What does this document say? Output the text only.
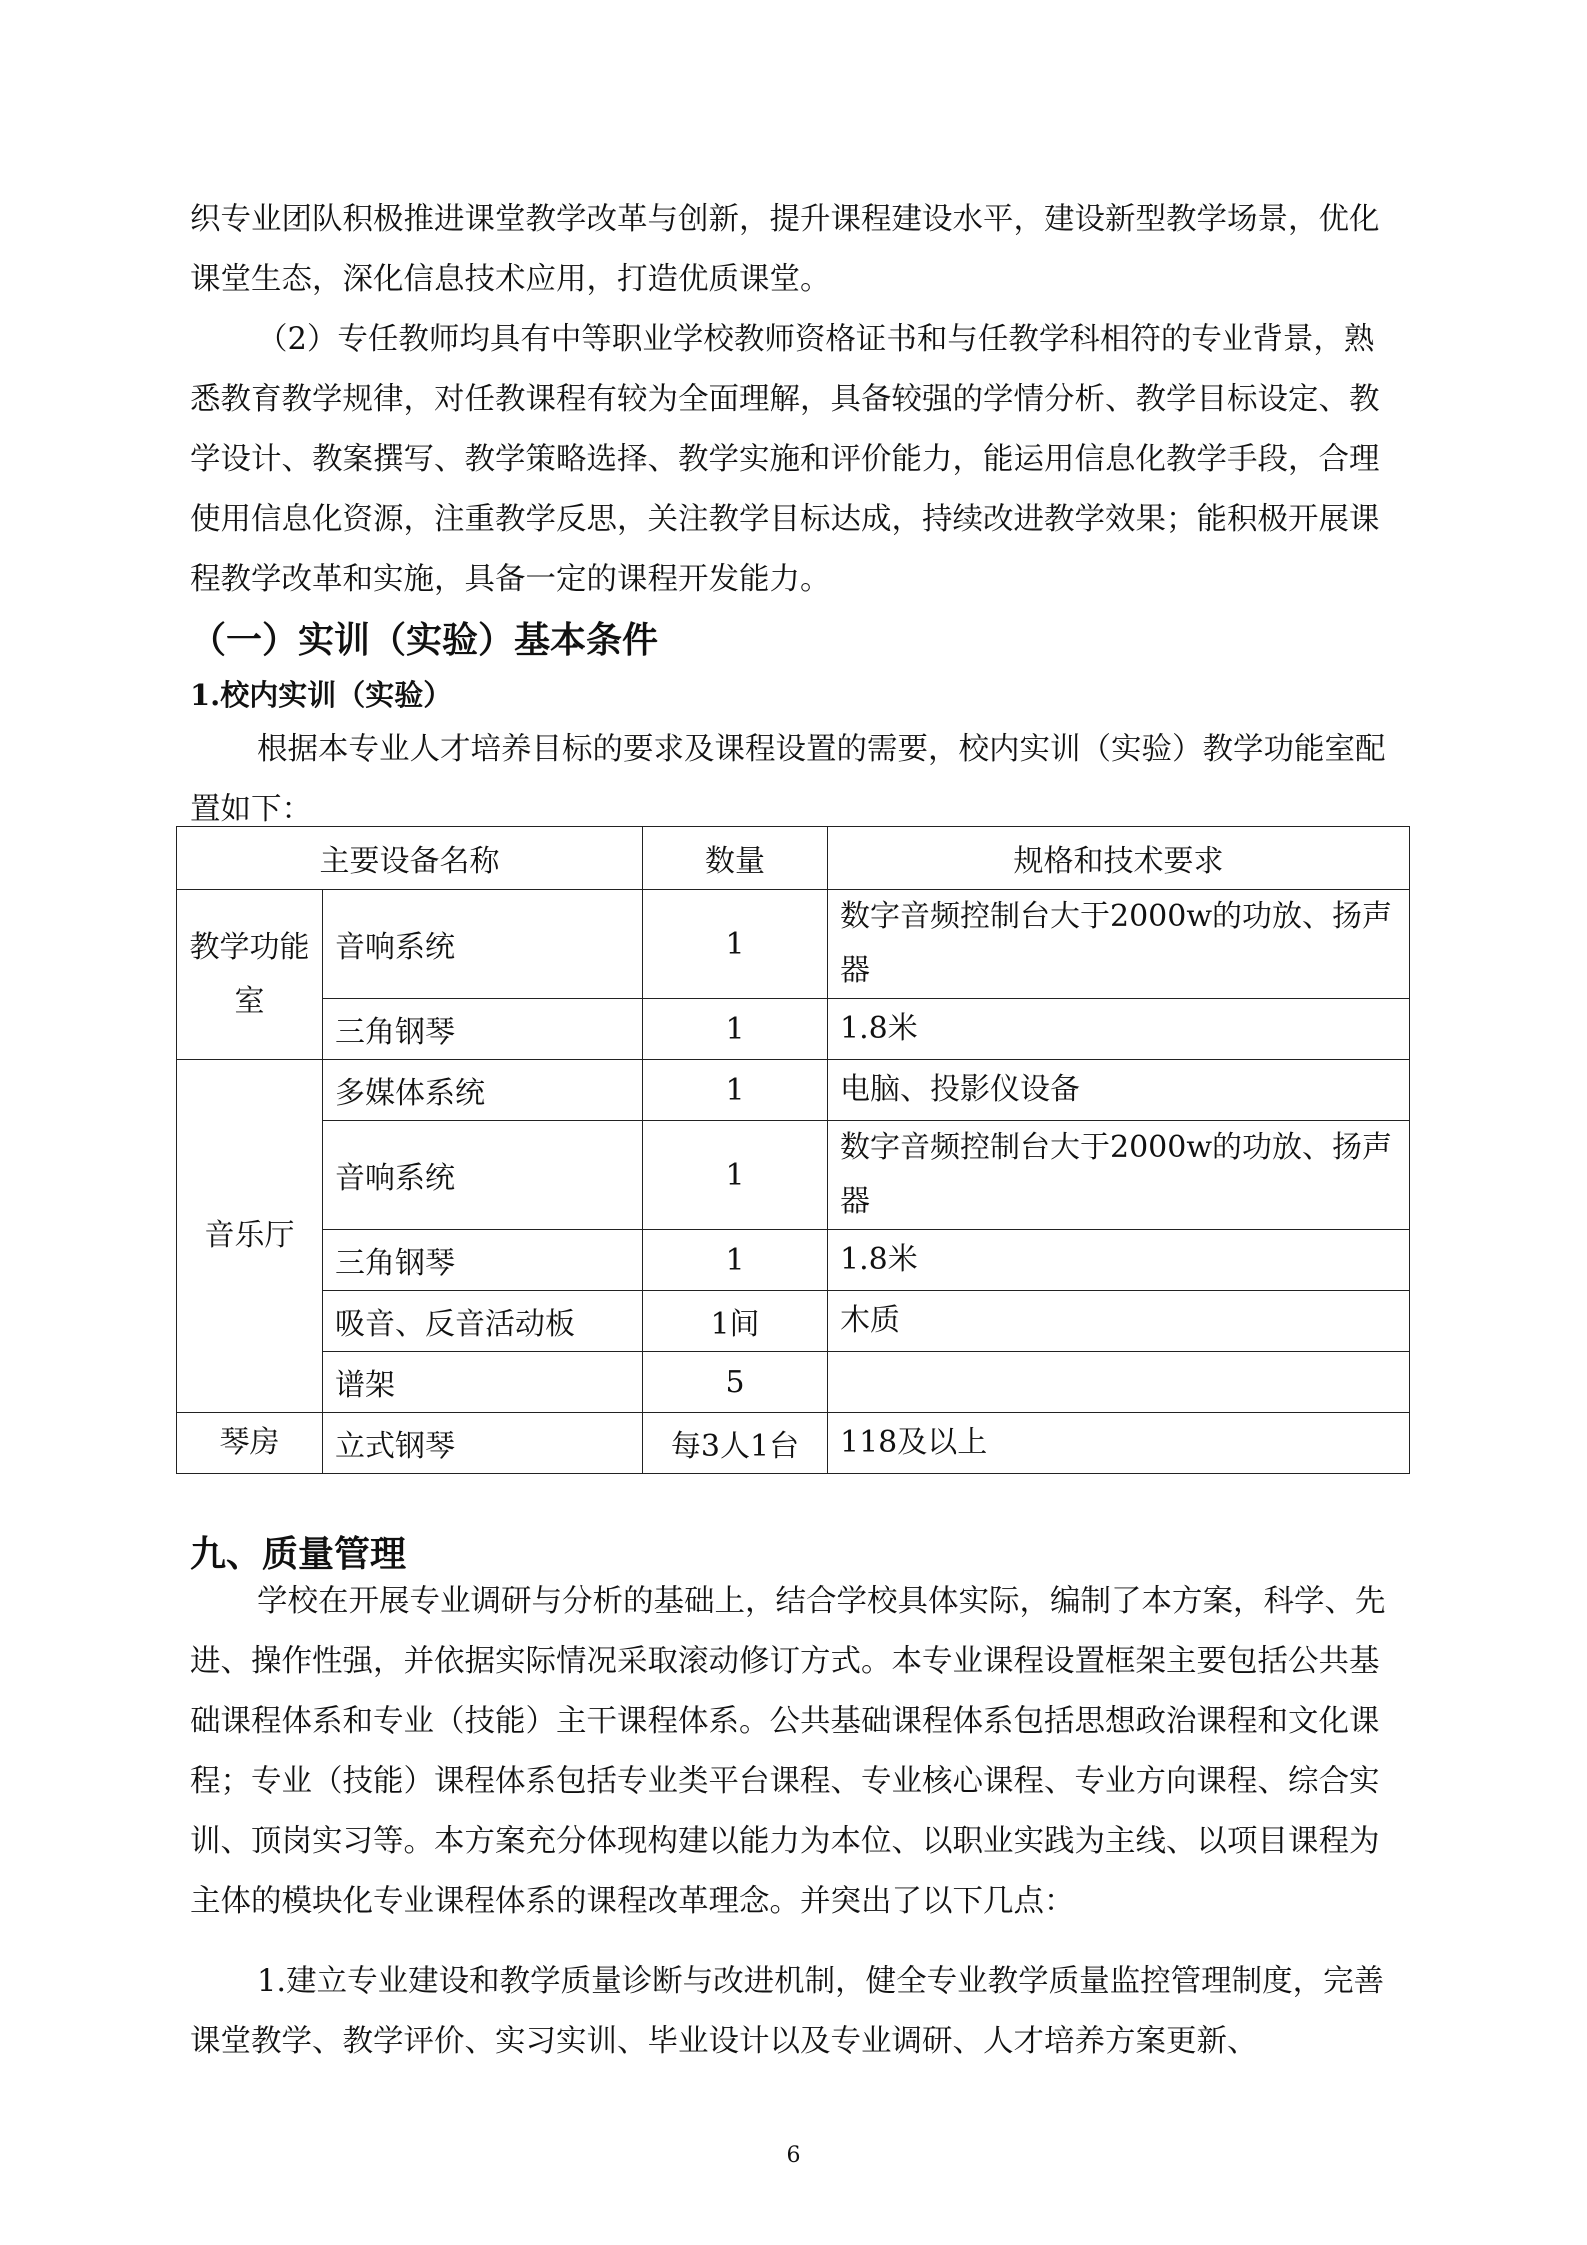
织专业团队积极推进课堂教学改革与创新，提升课程建设水平，建设新型教学场景，优化课堂生态，深化信息技术应用，打造优质课堂。

（2）专任教师均具有中等职业学校教师资格证书和与任教学科相符的专业背景，熟悉教育教学规律，对任教课程有较为全面理解，具备较强的学情分析、教学目标设定、教学设计、教案撰写、教学策略选择、教学实施和评价能力，能运用信息化教学手段，合理使用信息化资源，注重教学反思，关注教学目标达成，持续改进教学效果；能积极开展课程教学改革和实施，具备一定的课程开发能力。

（一）实训（实验）基本条件
1.校内实训（实验）

根据本专业人才培养目标的要求及课程设置的需要，校内实训（实验）教学功能室配置如下：

主要设备名称		数量	规格和技术要求
教学功能室	音响系统	1	数字音频控制台大于2000w的功放、扬声器
	三角钢琴	1	1.8米
音乐厅	多媒体系统	1	电脑、投影仪设备
	音响系统	1	数字音频控制台大于2000w的功放、扬声器
	三角钢琴	1	1.8米
	吸音、反音活动板	1间	木质
	谱架	5	
琴房	立式钢琴	每3人1台	118及以上
九、质量管理

学校在开展专业调研与分析的基础上，结合学校具体实际，编制了本方案，科学、先进、操作性强，并依据实际情况采取滚动修订方式。本专业课程设置框架主要包括公共基础课程体系和专业（技能）主干课程体系。公共基础课程体系包括思想政治课程和文化课程；专业（技能）课程体系包括专业类平台课程、专业核心课程、专业方向课程、综合实训、顶岗实习等。本方案充分体现构建以能力为本位、以职业实践为主线、以项目课程为主体的模块化专业课程体系的课程改革理念。并突出了以下几点：

1.建立专业建设和教学质量诊断与改进机制，健全专业教学质量监控管理制度，完善课堂教学、教学评价、实习实训、毕业设计以及专业调研、人才培养方案更新、

6
